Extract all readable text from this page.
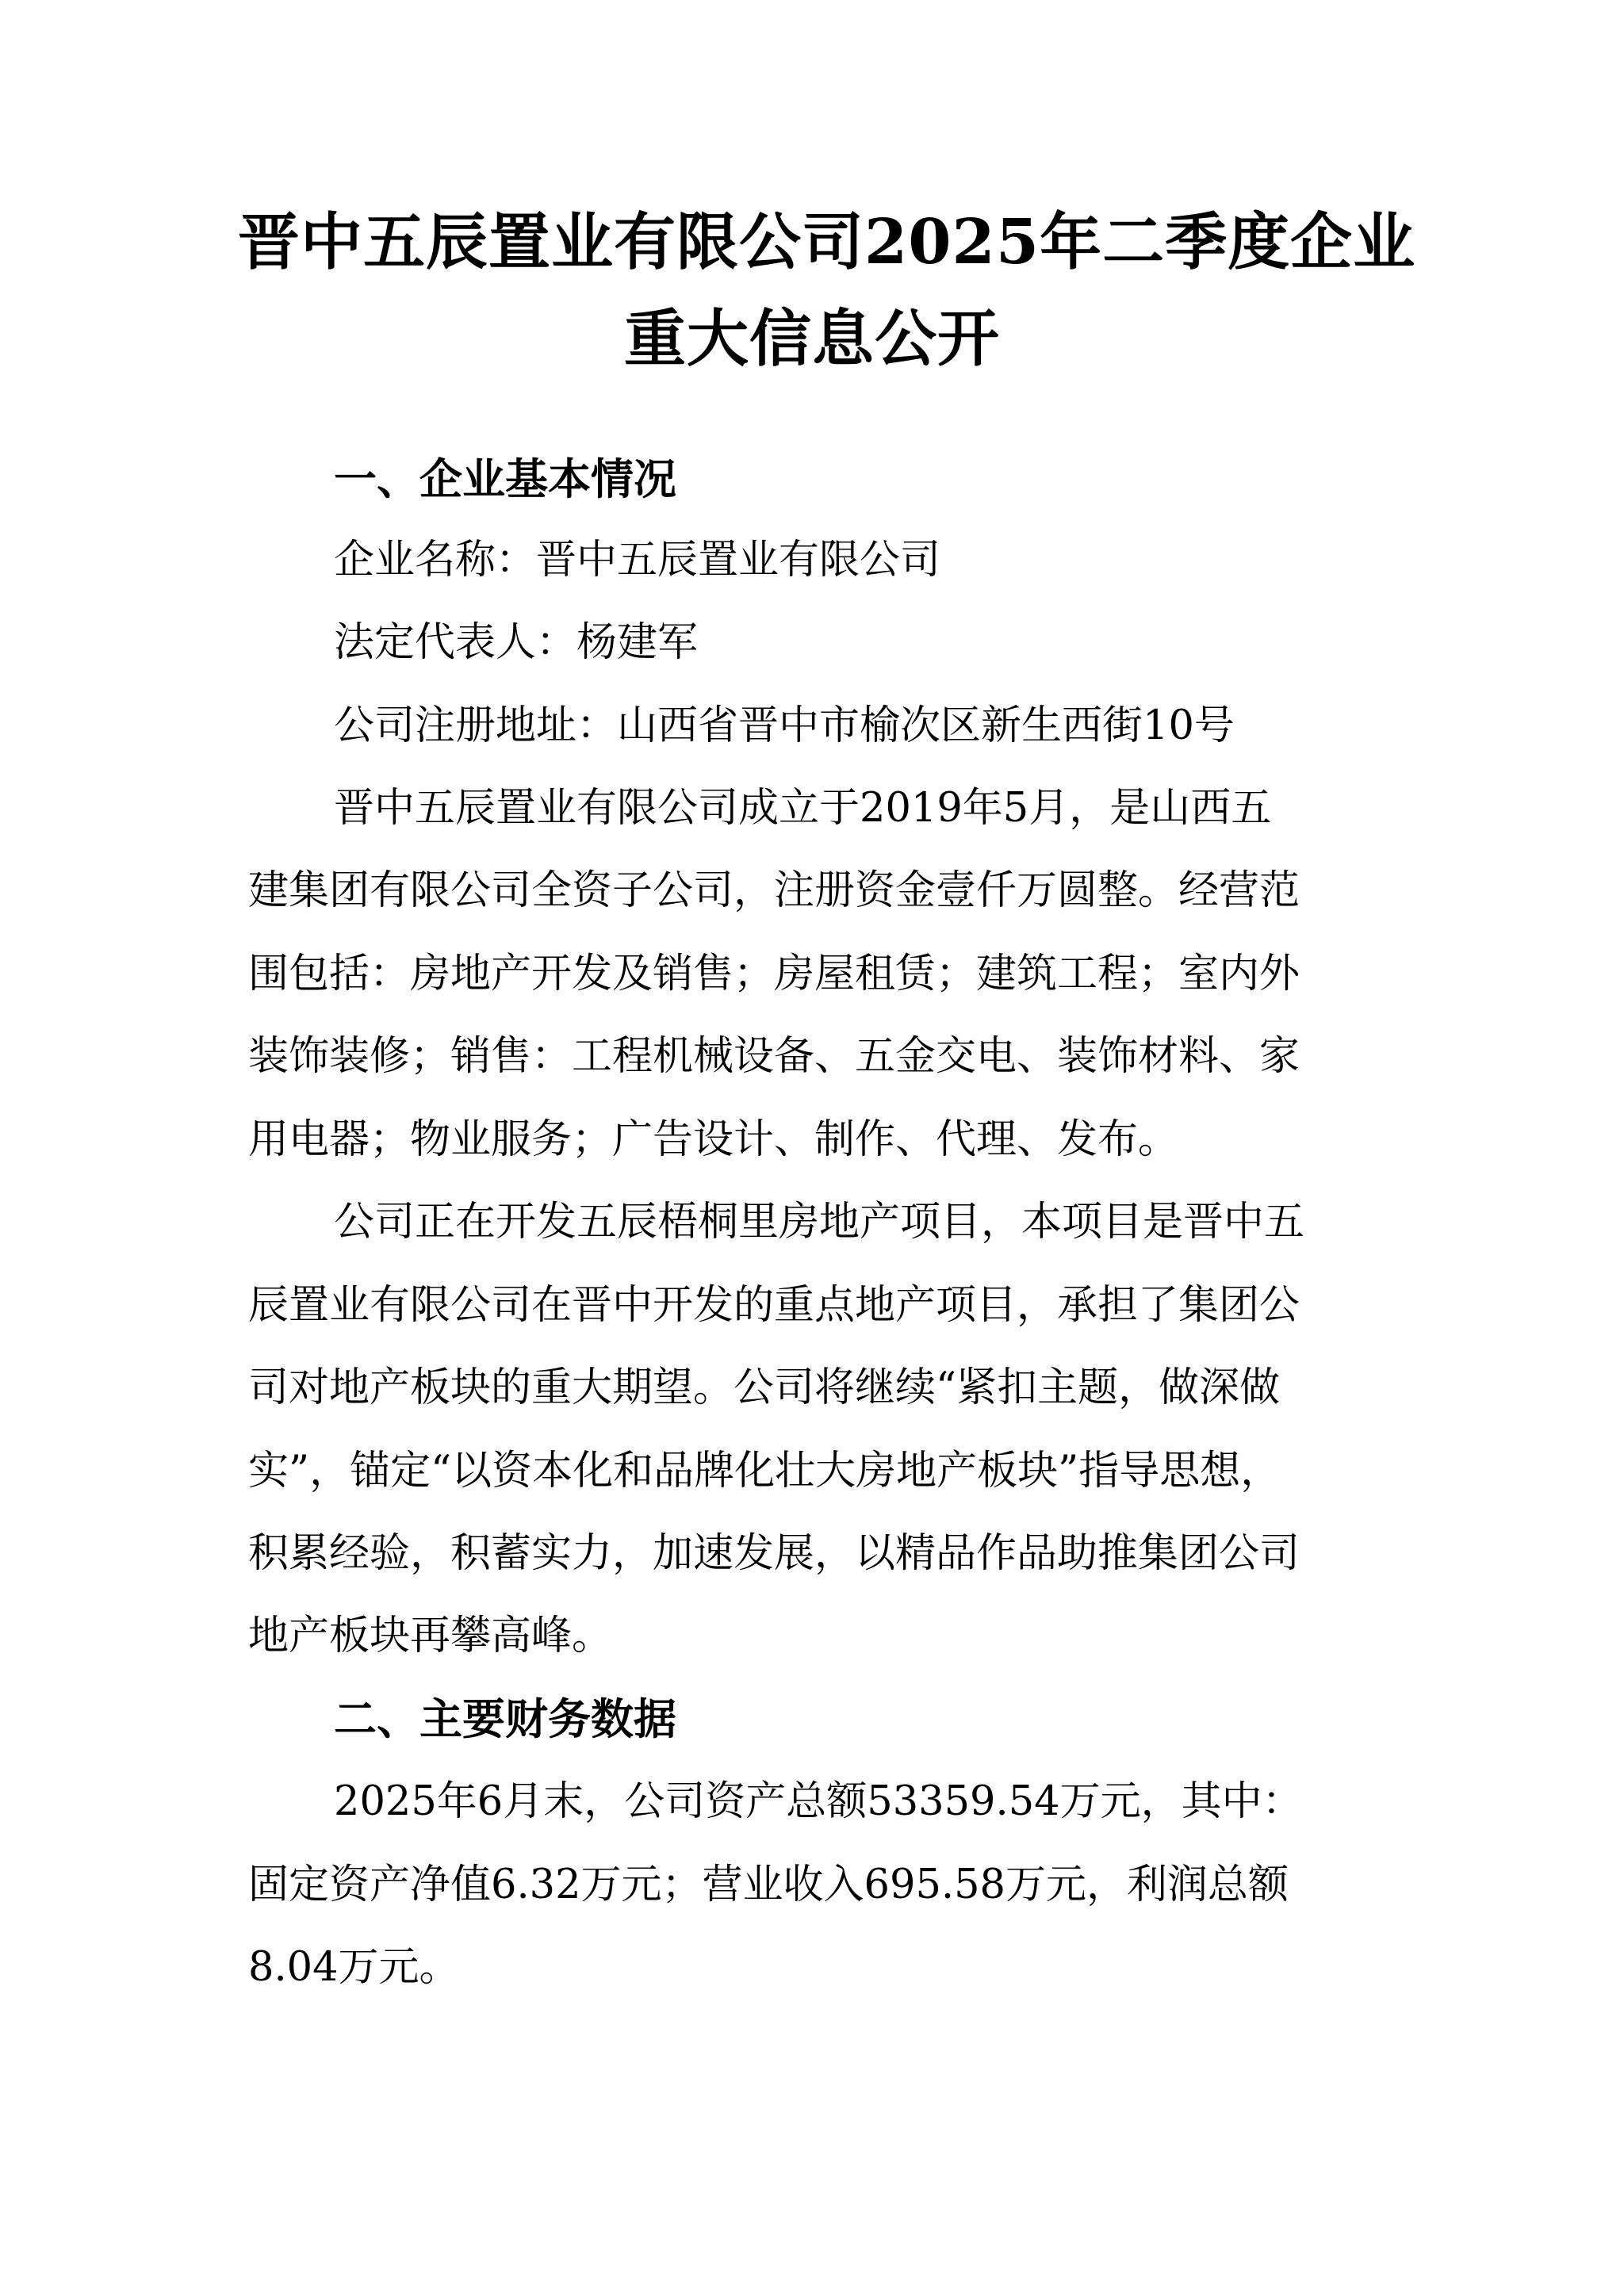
晋中五辰置业有限公司2025年二季度企业
重大信息公开
一、企业基本情况
企业名称：晋中五辰置业有限公司
法定代表人：杨建军
公司注册地址：山西省晋中市榆次区新生西街10号
晋中五辰置业有限公司成立于2019年5月，是山西五
建集团有限公司全资子公司，注册资金壹仟万圆整。经营范
围包括：房地产开发及销售；房屋租赁；建筑工程；室内外
装饰装修；销售：工程机械设备、五金交电、装饰材料、家
用电器；物业服务；广告设计、制作、代理、发布。
公司正在开发五辰梧桐里房地产项目，本项目是晋中五
辰置业有限公司在晋中开发的重点地产项目，承担了集团公
司对地产板块的重大期望。公司将继续“紧扣主题，做深做
实”，锚定“以资本化和品牌化壮大房地产板块”指导思想，
积累经验，积蓄实力，加速发展，以精品作品助推集团公司
地产板块再攀高峰。
二、主要财务数据
2025年6月末，公司资产总额53359.54万元，其中：
固定资产净值6.32万元；营业收入695.58万元，利润总额
8.04万元。
